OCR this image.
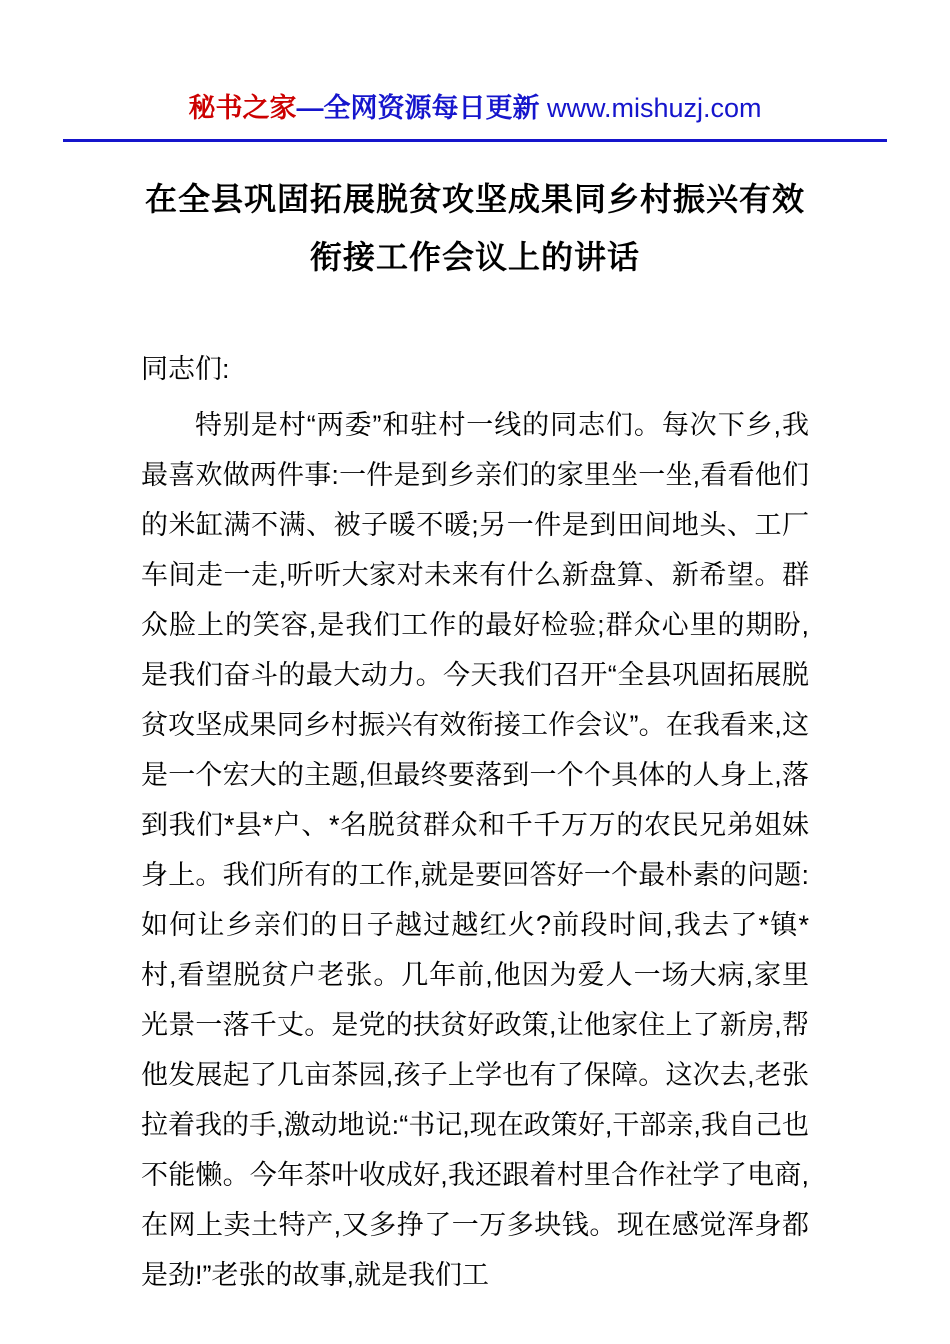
秘书之家—全网资源每日更新 www.mishuzj.com
在全县巩固拓展脱贫攻坚成果同乡村振兴有效
衔接工作会议上的讲话

同志们:

特别是村“两委”和驻村一线的同志们。每次下乡,我最喜欢做两件事:一件是到乡亲们的家里坐一坐,看看他们的米缸满不满、被子暖不暖;另一件是到田间地头、工厂车间走一走,听听大家对未来有什么新盘算、新希望。群众脸上的笑容,是我们工作的最好检验;群众心里的期盼,是我们奋斗的最大动力。今天我们召开“全县巩固拓展脱贫攻坚成果同乡村振兴有效衔接工作会议”。在我看来,这是一个宏大的主题,但最终要落到一个个具体的人身上,落到我们*县*户、*名脱贫群众和千千万万的农民兄弟姐妹身上。我们所有的工作,就是要回答好一个最朴素的问题:如何让乡亲们的日子越过越红火?前段时间,我去了*镇*村,看望脱贫户老张。几年前,他因为爱人一场大病,家里光景一落千丈。是党的扶贫好政策,让他家住上了新房,帮他发展起了几亩茶园,孩子上学也有了保障。这次去,老张拉着我的手,激动地说:“书记,现在政策好,干部亲,我自己也不能懒。今年茶叶收成好,我还跟着村里合作社学了电商,在网上卖土特产,又多挣了一万多块钱。现在感觉浑身都是劲!”老张的故事,就是我们工
